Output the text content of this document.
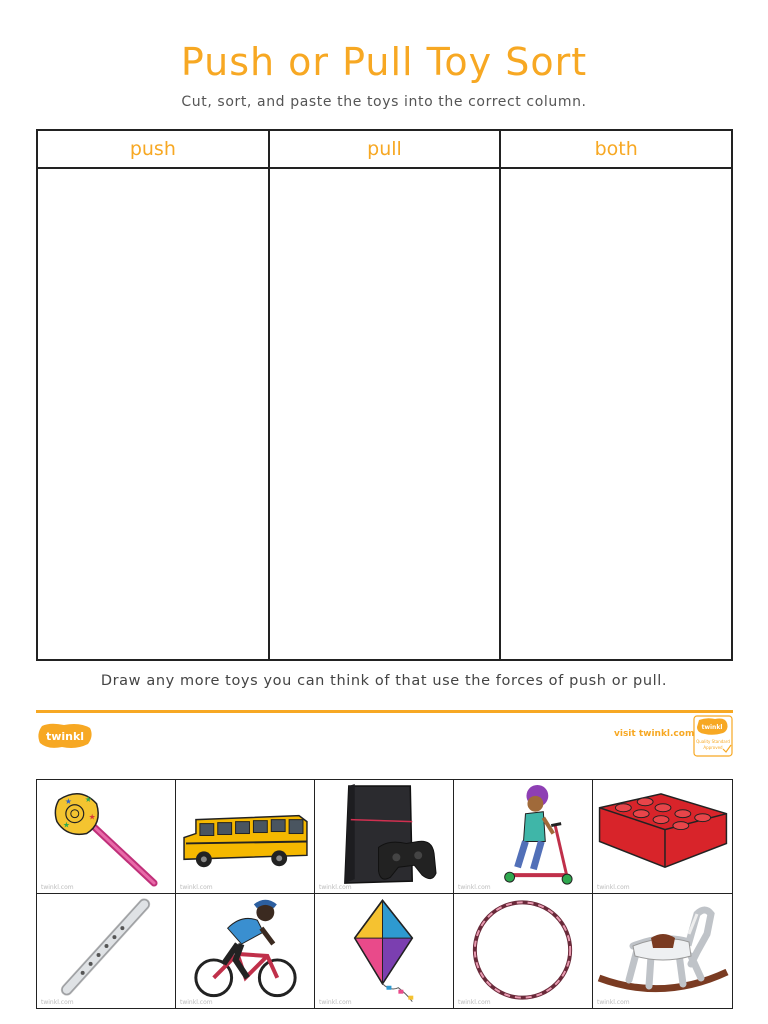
Push or Pull Toy Sort
Cut, sort, and paste the toys into the correct column.
push	pull	both
Draw any more toys you can think of that use the forces of push or pull.
twinkl	visit twinkl.com
twinkl
Quality Standard
Approved
★ ★
★
★
twinkl.com	twinkl.com	twinkl.com	twinkl.com	twinkl.com
twinkl.com	twinkl.com	twinkl.com	twinkl.com	twinkl.com
